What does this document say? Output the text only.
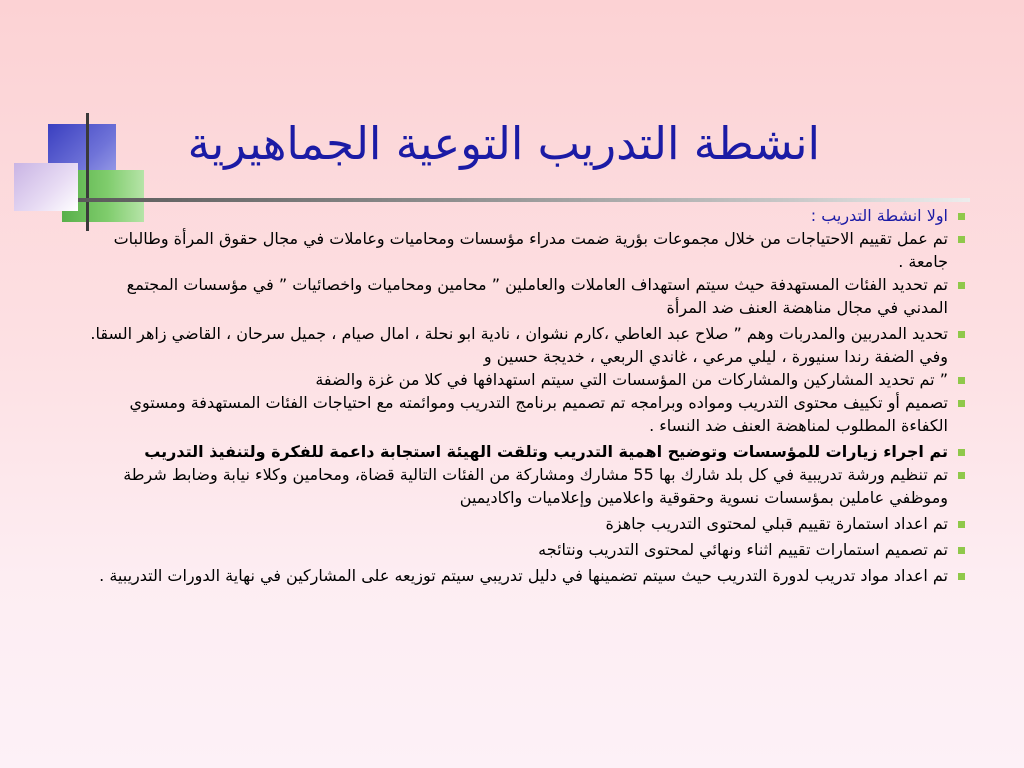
انشطة التدريب التوعية الجماهيرية
اولا انشطة التدريب :
تم عمل تقييم الاحتياجات من خلال مجموعات بؤرية ضمت مدراء مؤسسات ومحاميات وعاملات في مجال حقوق المرأة وطالبات جامعة .
تم تحديد الفئات المستهدفة حيث سيتم استهداف العاملات والعاملين ” محامين ومحاميات واخصائيات ” في مؤسسات المجتمع المدني في مجال مناهضة العنف ضد المرأة
تحديد المدربين والمدربات وهم ” صلاح عبد العاطي ،كارم نشوان ، نادية ابو نحلة ، امال صيام ، جميل سرحان ، القاضي زاهر السقا. وفي الضفة رندا سنيورة ، ليلي مرعي ، غاندي الربعي ، خديجة حسين و
” تم تحديد المشاركين والمشاركات من المؤسسات التي سيتم استهدافها في كلا من غزة والضفة
تصميم أو تكييف محتوى التدريب ومواده وبرامجه تم تصميم برنامج التدريب وموائمته مع احتياجات الفئات المستهدفة ومستوي الكفاءة المطلوب لمناهضة العنف ضد النساء .
تم اجراء زيارات للمؤسسات وتوضيح اهمية التدريب وتلقت الهيئة استجابة داعمة للفكرة ولتنفيذ التدريب
تم تنظيم ورشة تدريبية في كل بلد شارك بها 55 مشارك ومشاركة من الفئات التالية قضاة، ومحامين وكلاء نيابة وضابط شرطة وموظفي عاملين بمؤسسات نسوية وحقوقية واعلامين وإعلاميات واكاديمين
تم اعداد استمارة تقييم قبلي لمحتوى التدريب جاهزة
تم تصميم استمارات تقييم اثناء ونهائي لمحتوى التدريب ونتائجه
تم اعداد مواد تدريب لدورة التدريب حيث سيتم تضمينها في دليل تدريبي سيتم توزيعه على المشاركين في نهاية الدورات التدريبية .
